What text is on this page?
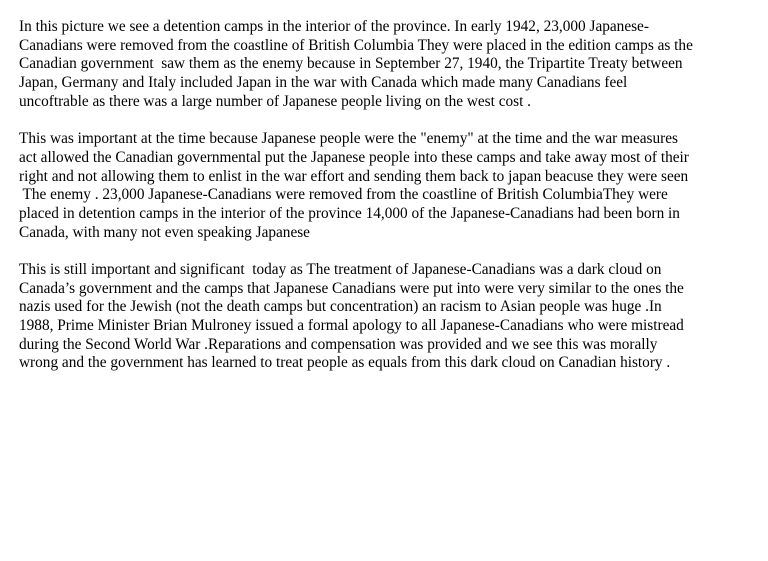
In this picture we see a detention camps in the interior of the province. In early 1942, 23,000 Japanese-
Canadians were removed from the coastline of British Columbia They were placed in the edition camps as the
Canadian government  saw them as the enemy because in September 27, 1940, the Tripartite Treaty between
Japan, Germany and Italy included Japan in the war with Canada which made many Canadians feel
uncoftrable as there was a large number of Japanese people living on the west cost .
This was important at the time because Japanese people were the "enemy" at the time and the war measures
act allowed the Canadian governmental put the Japanese people into these camps and take away most of their
right and not allowing them to enlist in the war effort and sending them back to japan beacuse they were seen
The enemy . 23,000 Japanese-Canadians were removed from the coastline of British ColumbiaThey were
placed in detention camps in the interior of the province 14,000 of the Japanese-Canadians had been born in
Canada, with many not even speaking Japanese
This is still important and significant  today as The treatment of Japanese-Canadians was a dark cloud on
Canada’s government and the camps that Japanese Canadians were put into were very similar to the ones the
nazis used for the Jewish (not the death camps but concentration) an racism to Asian people was huge .In
1988, Prime Minister Brian Mulroney issued a formal apology to all Japanese-Canadians who were mistread
during the Second World War .Reparations and compensation was provided and we see this was morally
wrong and the government has learned to treat people as equals from this dark cloud on Canadian history .
